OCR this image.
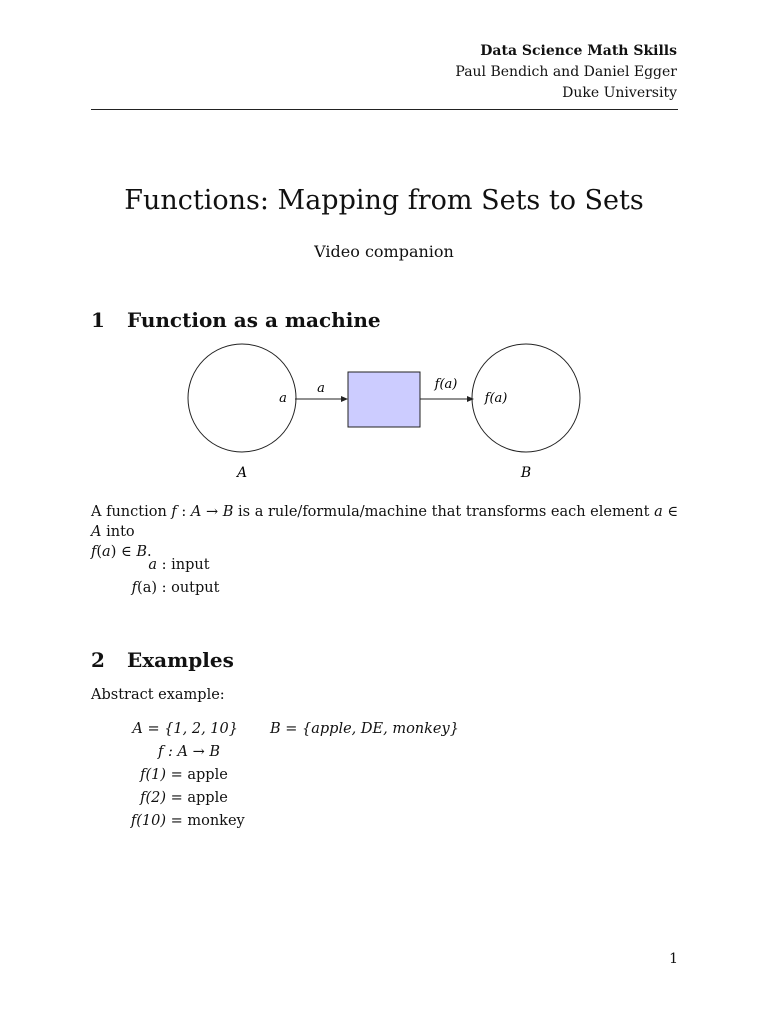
Data Science Math Skills
Paul Bendich and Daniel Egger
Duke University
Functions: Mapping from Sets to Sets
Video companion
1 Function as a machine
a
a	f(a)
f(a)
A	B
A function f : A → B is a rule/formula/machine that transforms each element a ∈ A into
f(a) ∈ B.
a : input
f(a) : output
2 Examples
Abstract example:
A = {1, 2, 10} B = {apple, DE, monkey}
f : A → B
f(1) = apple
f(2) = apple
f(10) = monkey
1
